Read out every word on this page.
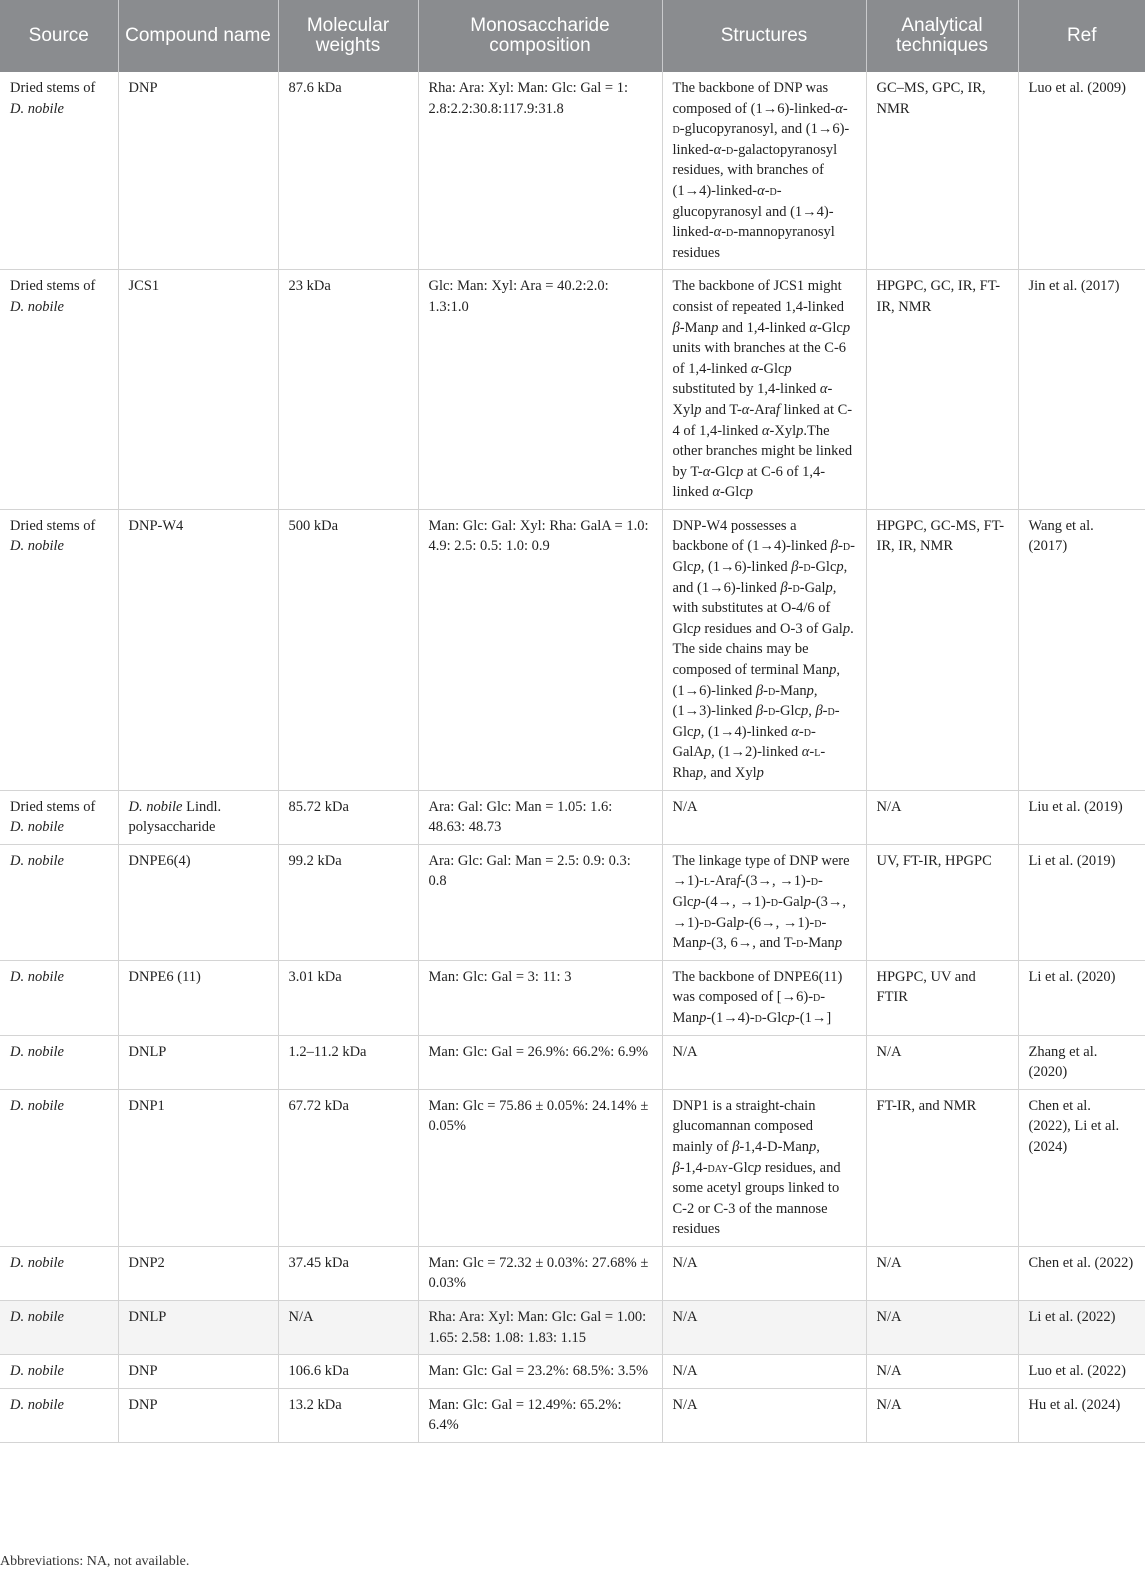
Source	Compound name	Molecular weights	Monosaccharide composition	Structures	Analytical techniques	Ref
Dried stems of D. nobile	DNP	87.6 kDa	Rha: Ara: Xyl: Man: Glc: Gal = 1: 2.8:2.2:30.8:117.9:31.8	The backbone of DNP was composed of (1→6)-linked-α-d-glucopyranosyl, and (1→6)-linked-α-d-galactopyranosyl residues, with branches of (1→4)-linked-α-d-glucopyranosyl and (1→4)-linked-α-d-mannopyranosyl residues	GC–MS, GPC, IR, NMR	Luo et al. (2009)
Dried stems of D. nobile	JCS1	23 kDa	Glc: Man: Xyl: Ara = 40.2:2.0: 1.3:1.0	The backbone of JCS1 might consist of repeated 1,4-linked β-Manp and 1,4-linked α-Glcp units with branches at the C-6 of 1,4-linked α-Glcp substituted by 1,4-linked α-Xylp and T-α-Araf linked at C-4 of 1,4-linked α-Xylp.The other branches might be linked by T-α-Glcp at C-6 of 1,4-linked α-Glcp	HPGPC, GC, IR, FT-IR, NMR	Jin et al. (2017)
Dried stems of D. nobile	DNP-W4	500 kDa	Man: Glc: Gal: Xyl: Rha: GalA = 1.0: 4.9: 2.5: 0.5: 1.0: 0.9	DNP-W4 possesses a backbone of (1→4)-linked β-d-Glcp, (1→6)-linked β-d-Glcp, and (1→6)-linked β-d-Galp, with substitutes at O-4/6 of Glcp residues and O-3 of Galp. The side chains may be composed of terminal Manp, (1→6)-linked β-d-Manp, (1→3)-linked β-d-Glcp, β-d-Glcp, (1→4)-linked α-d-GalAp, (1→2)-linked α-l-Rhap, and Xylp	HPGPC, GC-MS, FT-IR, IR, NMR	Wang et al. (2017)
Dried stems of D. nobile	D. nobile Lindl. polysaccharide	85.72 kDa	Ara: Gal: Glc: Man = 1.05: 1.6: 48.63: 48.73	N/A	N/A	Liu et al. (2019)
D. nobile	DNPE6(4)	99.2 kDa	Ara: Glc: Gal: Man = 2.5: 0.9: 0.3: 0.8	The linkage type of DNP were →1)-l-Araf-(3→, →1)-d-Glcp-(4→, →1)-d-Galp-(3→, →1)-d-Galp-(6→, →1)-d-Manp-(3, 6→, and T-d-Manp	UV, FT-IR, HPGPC	Li et al. (2019)
D. nobile	DNPE6 (11)	3.01 kDa	Man: Glc: Gal = 3: 11: 3	The backbone of DNPE6(11) was composed of [→6)-d-Manp-(1→4)-d-Glcp-(1→]	HPGPC, UV and FTIR	Li et al. (2020)
D. nobile	DNLP	1.2–11.2 kDa	Man: Glc: Gal = 26.9%: 66.2%: 6.9%	N/A	N/A	Zhang et al. (2020)
D. nobile	DNP1	67.72 kDa	Man: Glc = 75.86 ± 0.05%: 24.14% ± 0.05%	DNP1 is a straight-chain glucomannan composed mainly of β-1,4-D-Manp, β-1,4-day-Glcp residues, and some acetyl groups linked to C-2 or C-3 of the mannose residues	FT-IR, and NMR	Chen et al. (2022), Li et al. (2024)
D. nobile	DNP2	37.45 kDa	Man: Glc = 72.32 ± 0.03%: 27.68% ± 0.03%	N/A	N/A	Chen et al. (2022)
D. nobile	DNLP	N/A	Rha: Ara: Xyl: Man: Glc: Gal = 1.00: 1.65: 2.58: 1.08: 1.83: 1.15	N/A	N/A	Li et al. (2022)
D. nobile	DNP	106.6 kDa	Man: Glc: Gal = 23.2%: 68.5%: 3.5%	N/A	N/A	Luo et al. (2022)
D. nobile	DNP	13.2 kDa	Man: Glc: Gal = 12.49%: 65.2%: 6.4%	N/A	N/A	Hu et al. (2024)
Abbreviations: NA, not available.
